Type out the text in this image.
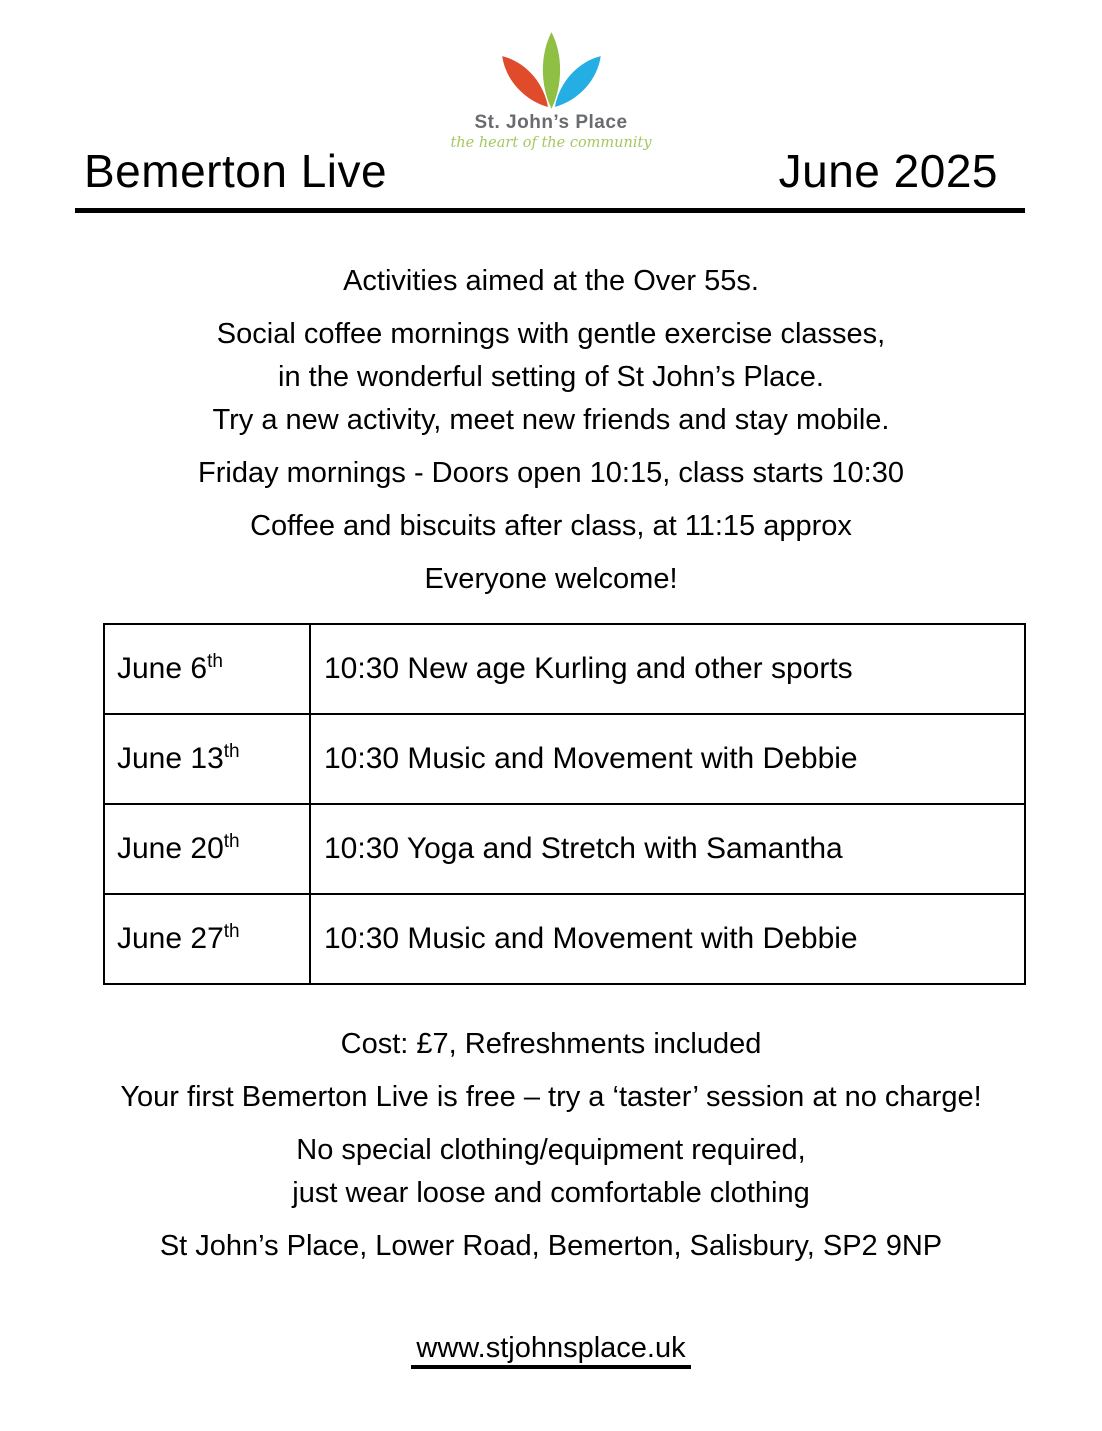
St. John’s Place
the heart of the community
Bemerton Live	June 2025

Activities aimed at the Over 55s.

Social coffee mornings with gentle exercise classes,
in the wonderful setting of St John’s Place.
Try a new activity, meet new friends and stay mobile.

Friday mornings - Doors open 10:15, class starts 10:30

Coffee and biscuits after class, at 11:15 approx

Everyone welcome!

June 6th	10:30 New age Kurling and other sports
June 13th	10:30 Music and Movement with Debbie
June 20th	10:30 Yoga and Stretch with Samantha
June 27th	10:30 Music and Movement with Debbie

Cost: £7, Refreshments included

Your first Bemerton Live is free – try a ‘taster’ session at no charge!

No special clothing/equipment required,
just wear loose and comfortable clothing

St John’s Place, Lower Road, Bemerton, Salisbury, SP2 9NP

www.stjohnsplace.uk
